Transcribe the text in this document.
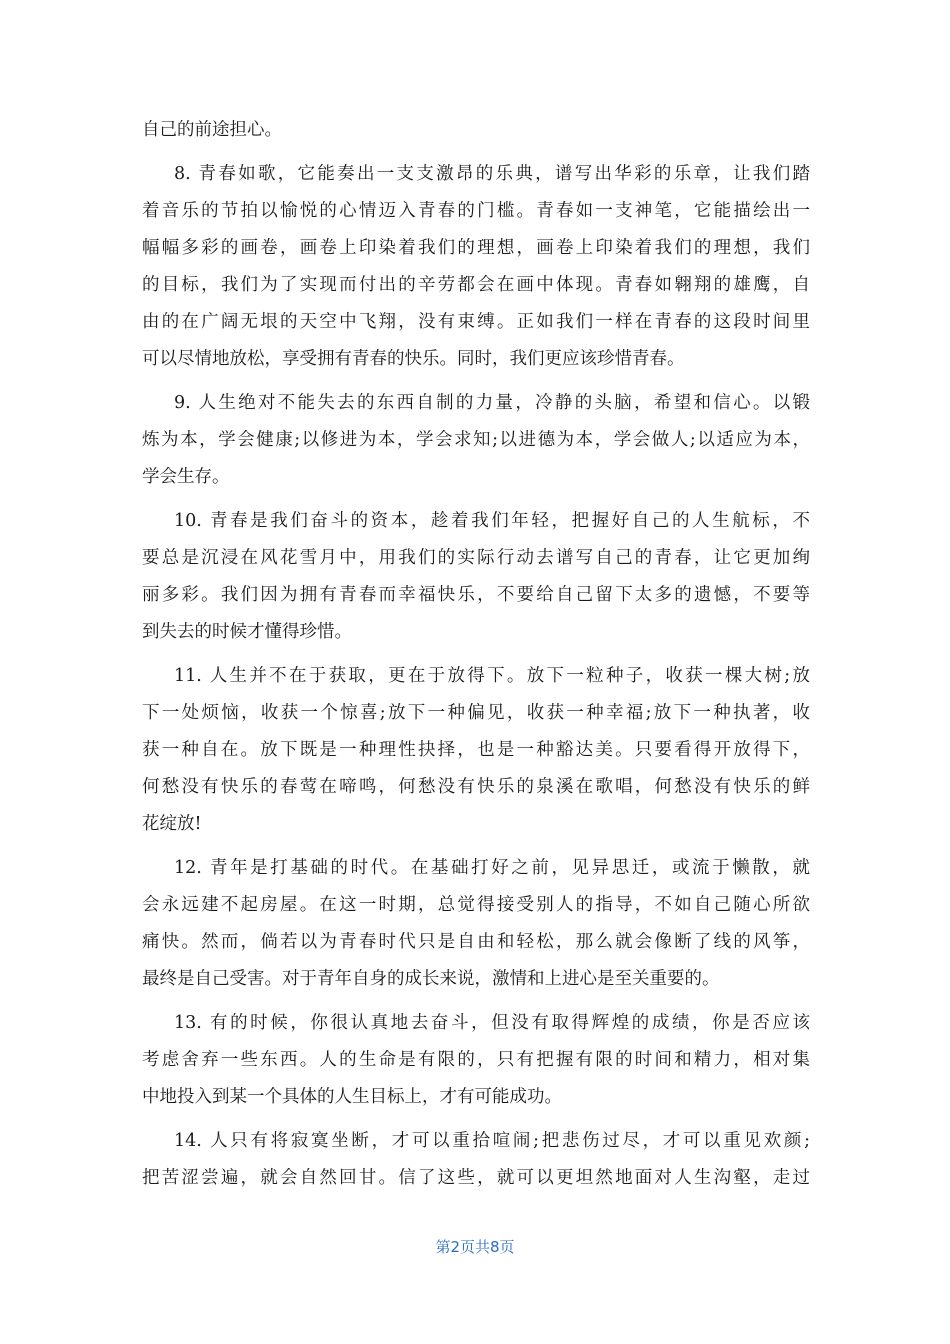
自己的前途担心。
8. 青春如歌，它能奏出一支支激昂的乐典，谱写出华彩的乐章，让我们踏
着音乐的节拍以愉悦的心情迈入青春的门槛。青春如一支神笔，它能描绘出一
幅幅多彩的画卷，画卷上印染着我们的理想，画卷上印染着我们的理想，我们
的目标，我们为了实现而付出的辛劳都会在画中体现。青春如翱翔的雄鹰，自
由的在广阔无垠的天空中飞翔，没有束缚。正如我们一样在青春的这段时间里
可以尽情地放松，享受拥有青春的快乐。同时，我们更应该珍惜青春。
9. 人生绝对不能失去的东西自制的力量，冷静的头脑，希望和信心。以锻
炼为本，学会健康;以修进为本，学会求知;以进德为本，学会做人;以适应为本，
学会生存。
10. 青春是我们奋斗的资本，趁着我们年轻，把握好自己的人生航标，不
要总是沉浸在风花雪月中，用我们的实际行动去谱写自己的青春，让它更加绚
丽多彩。我们因为拥有青春而幸福快乐，不要给自己留下太多的遗憾，不要等
到失去的时候才懂得珍惜。
11. 人生并不在于获取，更在于放得下。放下一粒种子，收获一棵大树;放
下一处烦恼，收获一个惊喜;放下一种偏见，收获一种幸福;放下一种执著，收
获一种自在。放下既是一种理性抉择，也是一种豁达美。只要看得开放得下，
何愁没有快乐的春莺在啼鸣，何愁没有快乐的泉溪在歌唱，何愁没有快乐的鲜
花绽放!
12. 青年是打基础的时代。在基础打好之前，见异思迁，或流于懒散，就
会永远建不起房屋。在这一时期，总觉得接受别人的指导，不如自己随心所欲
痛快。然而，倘若以为青春时代只是自由和轻松，那么就会像断了线的风筝，
最终是自己受害。对于青年自身的成长来说，激情和上进心是至关重要的。
13. 有的时候，你很认真地去奋斗，但没有取得辉煌的成绩，你是否应该
考虑舍弃一些东西。人的生命是有限的，只有把握有限的时间和精力，相对集
中地投入到某一个具体的人生目标上，才有可能成功。
14. 人只有将寂寞坐断，才可以重拾喧闹;把悲伤过尽，才可以重见欢颜;
把苦涩尝遍，就会自然回甘。信了这些，就可以更坦然地面对人生沟壑，走过
第2页共8页
